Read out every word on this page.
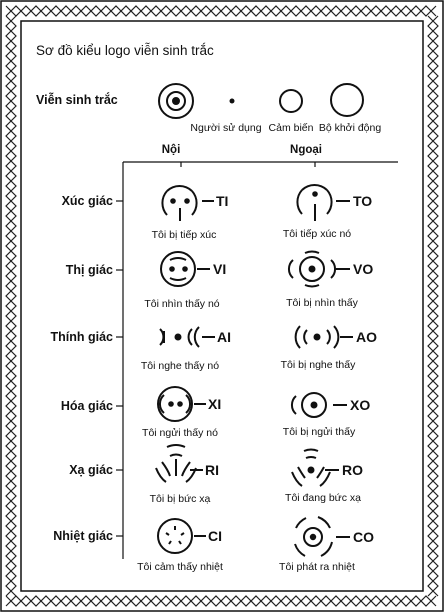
Sơ đồ kiểu logo viễn sinh trắc
Viễn sinh trắc
Người sử dụng Cảm biến Bộ khởi động
Nội	Ngoại
Xúc giác
Thị giác
Thính giác
Hóa giác
Xạ giác
Nhiệt giác
TI
Tôi bị tiếp xúc
TO
Tôi tiếp xúc nó
VI
Tôi nhìn thấy nó
VO
Tôi bị nhìn thấy
AI
Tôi nghe thấy nó
AO
Tôi bị nghe thấy
XI
Tôi ngửi thấy nó
XO
Tôi bị ngửi thấy
RI
Tôi bị bức xạ
RO
Tôi đang bức xạ
CI
Tôi cảm thấy nhiệt
CO
Tôi phát ra nhiệt
